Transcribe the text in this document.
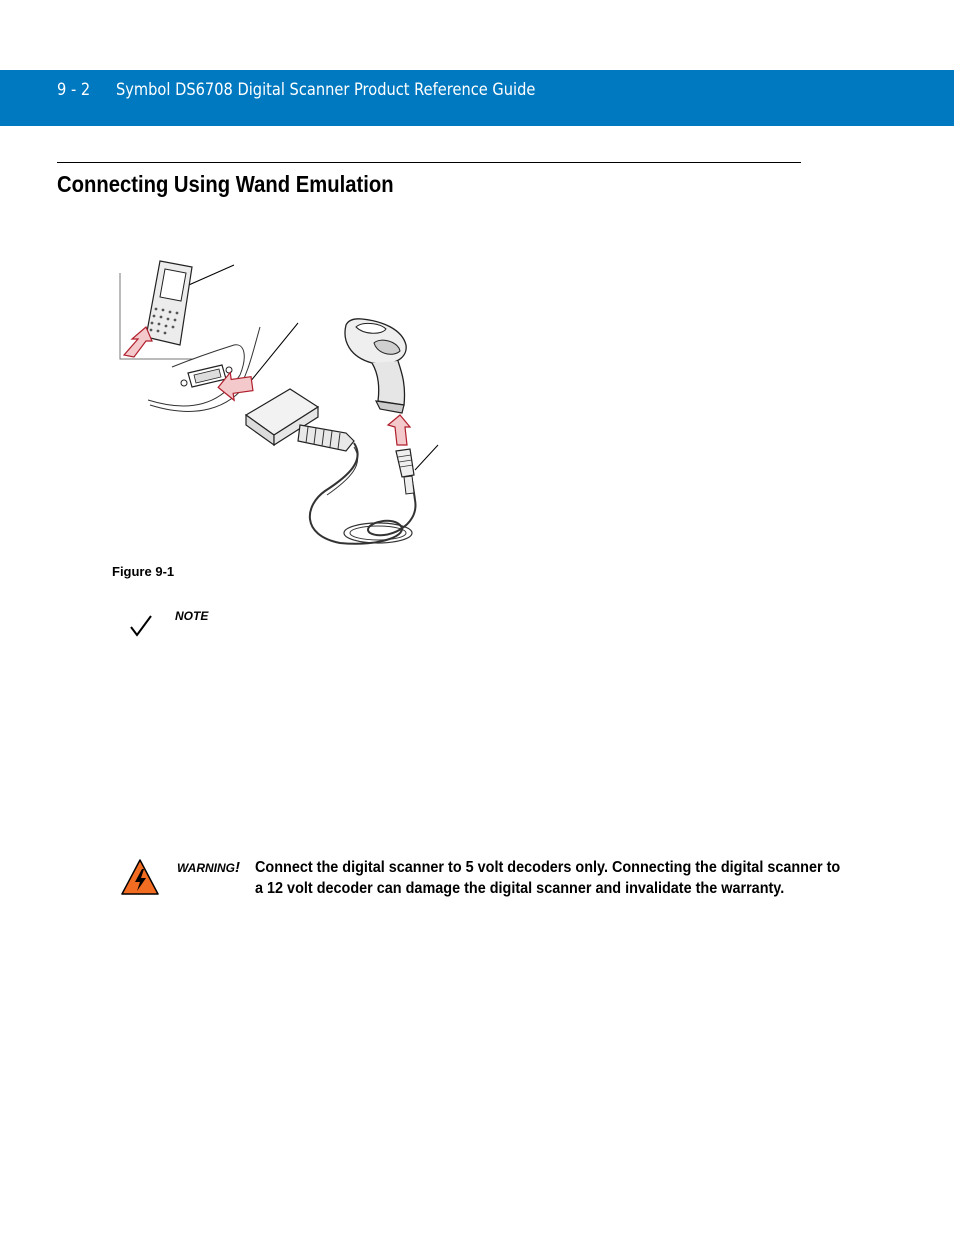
9 - 2 Symbol DS6708 Digital Scanner Product Reference Guide
Connecting Using Wand Emulation
Figure 9-1
NOTE
WARNING! Connect the digital scanner to 5 volt decoders only. Connecting the digital scanner to a 12 volt decoder can damage the digital scanner and invalidate the warranty.
